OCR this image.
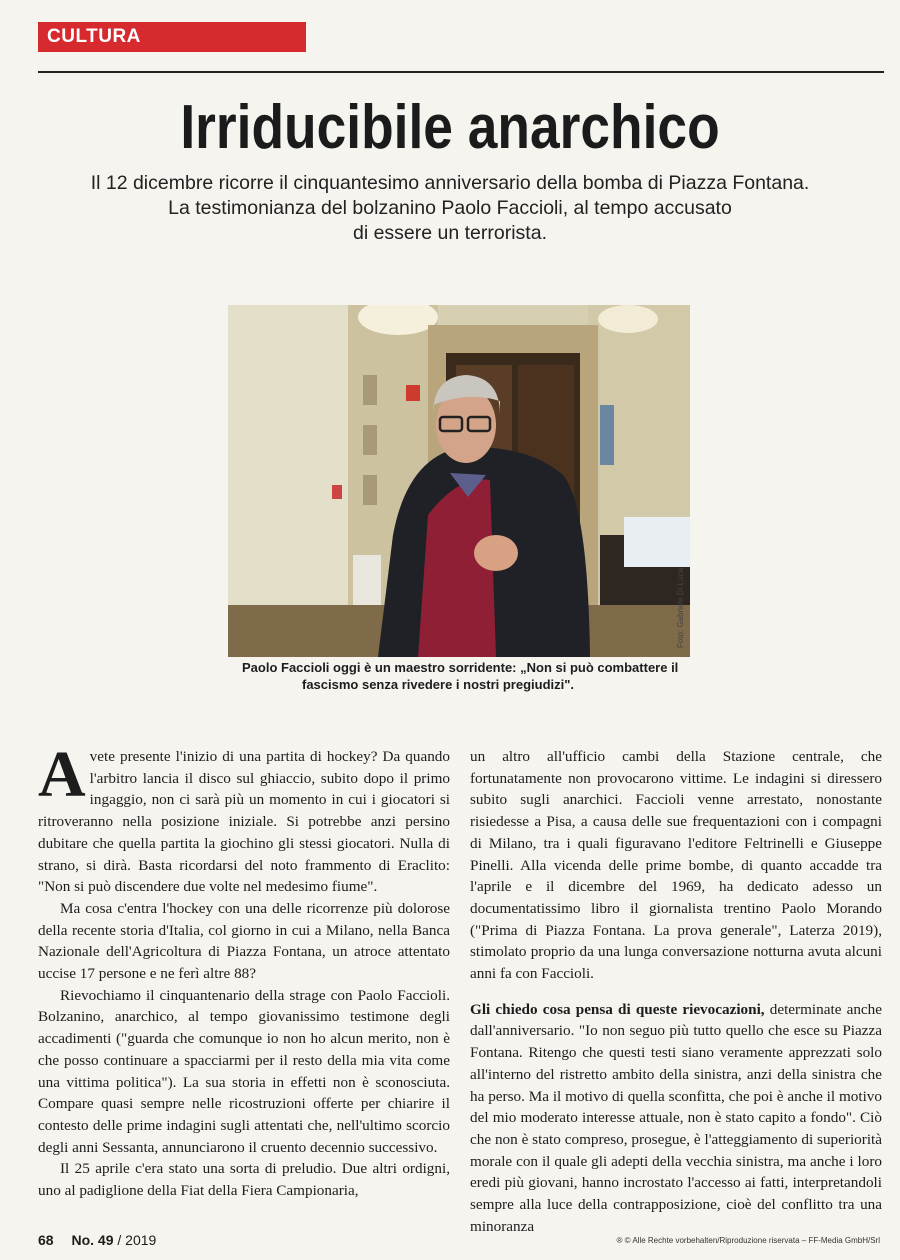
CULTURA
Irriducibile anarchico
Il 12 dicembre ricorre il cinquantesimo anniversario della bomba di Piazza Fontana.
La testimonianza del bolzanino Paolo Faccioli, al tempo accusato
di essere un terrorista.
Foto: Gabriele Di Luca
Paolo Faccioli oggi è un maestro sorridente: „Non si può combattere il
fascismo senza rivedere i nostri pregiudizi".

Avete presente l'inizio di una partita di hockey? Da quando l'arbitro lancia il disco sul ghiaccio, subito dopo il primo ingaggio, non ci sarà più un momento in cui i giocatori si ritroveranno nella posizione iniziale. Si potrebbe anzi persino dubitare che quella partita la giochino gli stessi giocatori. Nulla di strano, si dirà. Basta ricordarsi del noto frammento di Eraclito: "Non si può discendere due volte nel medesimo fiume".

Ma cosa c'entra l'hockey con una delle ricorrenze più dolorose della recente storia d'Italia, col giorno in cui a Milano, nella Banca Nazionale dell'Agricoltura di Piazza Fontana, un atroce attentato uccise 17 persone e ne ferì altre 88?

Rievochiamo il cinquantenario della strage con Paolo Faccioli. Bolzanino, anarchico, al tempo giovanissimo testimone degli accadimenti ("guarda che comunque io non ho alcun merito, non è che posso continuare a spacciarmi per il resto della mia vita come una vittima politica"). La sua storia in effetti non è sconosciuta. Compare quasi sempre nelle ricostruzioni offerte per chiarire il contesto delle prime indagini sugli attentati che, nell'ultimo scorcio degli anni Sessanta, annunciarono il cruento decennio successivo.

Il 25 aprile c'era stato una sorta di preludio. Due altri ordigni, uno al padiglione della Fiat della Fiera Campionaria,

un altro all'ufficio cambi della Stazione centrale, che fortunatamente non provocarono vittime. Le indagini si diressero subito sugli anarchici. Faccioli venne arrestato, nonostante risiedesse a Pisa, a causa delle sue frequentazioni con i compagni di Milano, tra i quali figuravano l'editore Feltrinelli e Giuseppe Pinelli. Alla vicenda delle prime bombe, di quanto accadde tra l'aprile e il dicembre del 1969, ha dedicato adesso un documentatissimo libro il giornalista trentino Paolo Morando ("Prima di Piazza Fontana. La prova generale", Laterza 2019), stimolato proprio da una lunga conversazione notturna avuta alcuni anni fa con Faccioli.

Gli chiedo cosa pensa di queste rievocazioni, determinate anche dall'anniversario. "Io non seguo più tutto quello che esce su Piazza Fontana. Ritengo che questi testi siano veramente apprezzati solo all'interno del ristretto ambito della sinistra, anzi della sinistra che ha perso. Ma il motivo di quella sconfitta, che poi è anche il motivo del mio moderato interesse attuale, non è stato capito a fondo". Ciò che non è stato compreso, prosegue, è l'atteggiamento di superiorità morale con il quale gli adepti della vecchia sinistra, ma anche i loro eredi più giovani, hanno incrostato l'accesso ai fatti, interpretandoli sempre alla luce della contrapposizione, cioè del conflitto tra una minoranza

68 No. 49 / 2019	® © Alle Rechte vorbehalten/Riproduzione riservata – FF-Media GmbH/Srl
